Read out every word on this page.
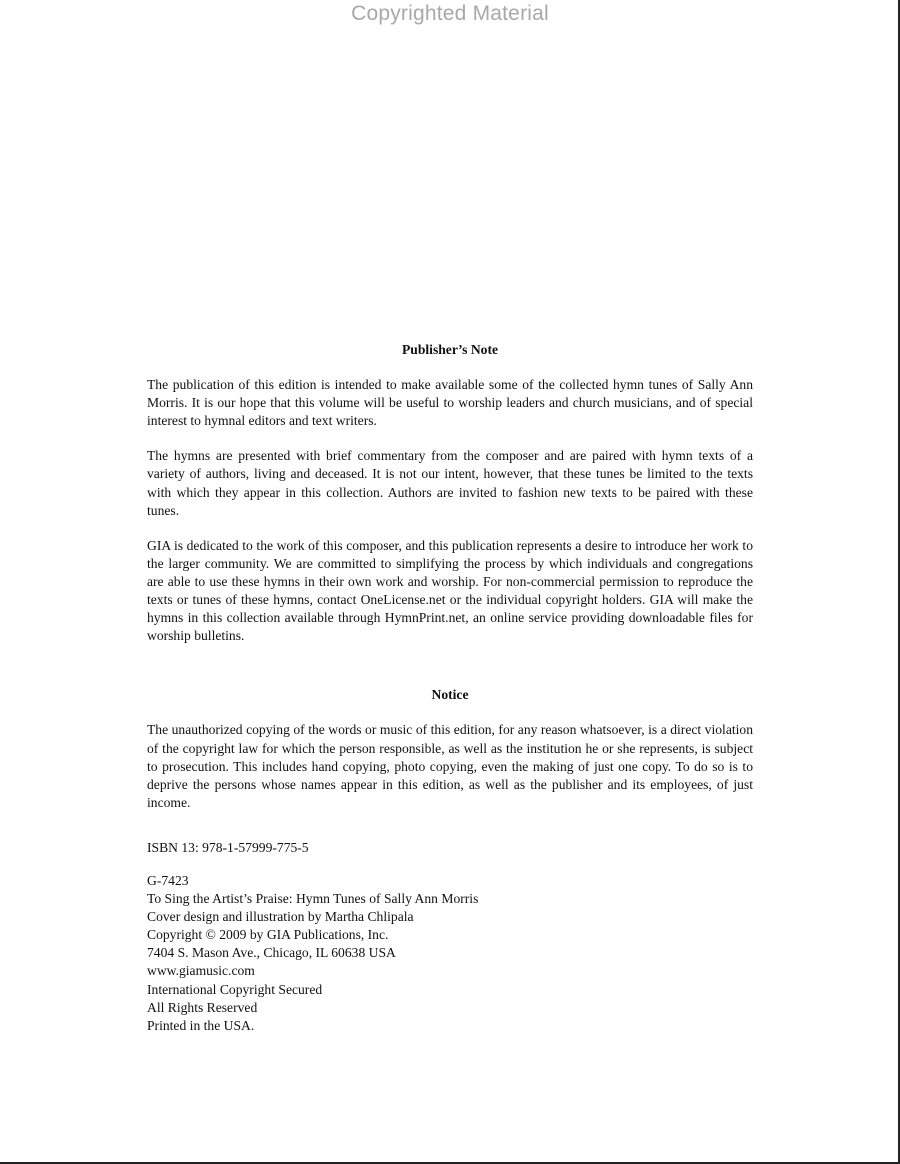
Copyrighted Material
Publisher’s Note

The publication of this edition is intended to make available some of the collected hymn tunes of Sally Ann Morris. It is our hope that this volume will be useful to worship leaders and church musicians, and of special interest to hymnal editors and text writers.

The hymns are presented with brief commentary from the composer and are paired with hymn texts of a variety of authors, living and deceased. It is not our intent, however, that these tunes be limited to the texts with which they appear in this collection. Authors are invited to fashion new texts to be paired with these tunes.

GIA is dedicated to the work of this composer, and this publication represents a desire to introduce her work to the larger community. We are committed to simplifying the process by which individuals and congregations are able to use these hymns in their own work and worship. For non-commercial permission to reproduce the texts or tunes of these hymns, contact OneLicense.net or the individual copyright holders. GIA will make the hymns in this collection available through HymnPrint.net, an online service providing downloadable files for worship bulletins.

Notice

The unauthorized copying of the words or music of this edition, for any reason whatsoever, is a direct violation of the copyright law for which the person responsible, as well as the institution he or she represents, is subject to prosecution. This includes hand copying, photo copying, even the making of just one copy. To do so is to deprive the persons whose names appear in this edition, as well as the publisher and its employees, of just income.

ISBN 13: 978-1-57999-775-5
G-7423
To Sing the Artist’s Praise: Hymn Tunes of Sally Ann Morris
Cover design and illustration by Martha Chlipala
Copyright © 2009 by GIA Publications, Inc.
7404 S. Mason Ave., Chicago, IL 60638 USA
www.giamusic.com
International Copyright Secured
All Rights Reserved
Printed in the USA.
